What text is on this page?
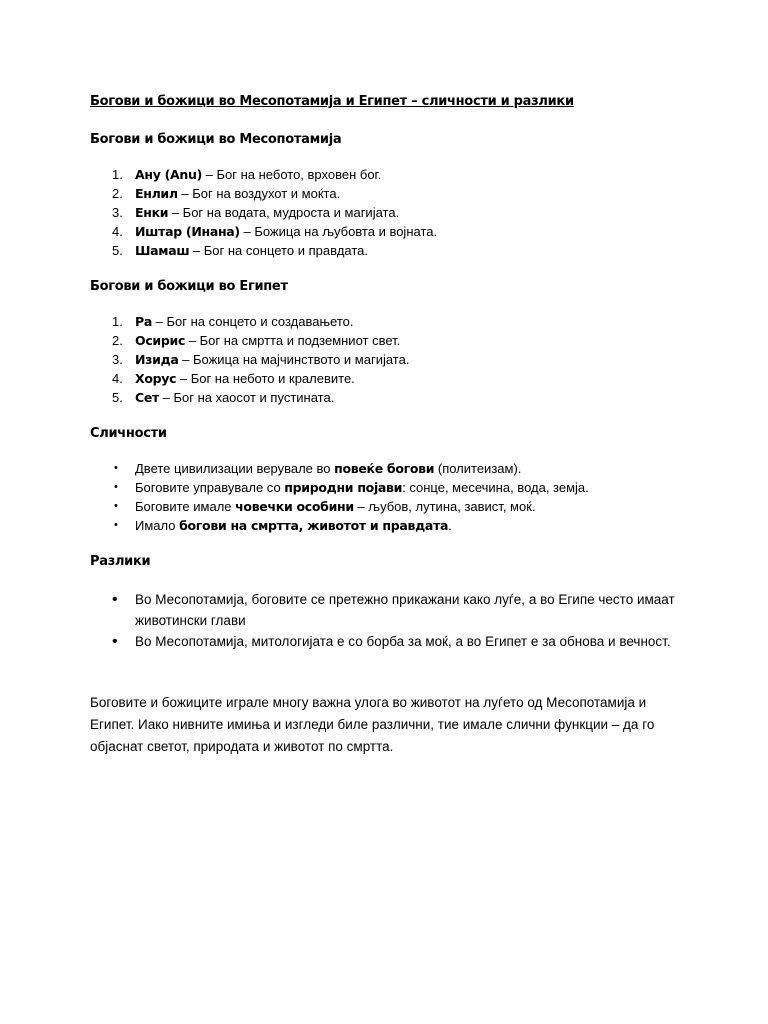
Богови и божици во Месопотамија и Египет – сличности и разлики

Богови и божици во Месопотамија

1. Ану (Anu) – Бог на небото, врховен бог.
2. Енлил – Бог на воздухот и моќта.
3. Енки – Бог на водата, мудроста и магијата.
4. Иштар (Инана) – Божица на љубовта и војната.
5. Шамаш – Бог на сонцето и правдата.

Богови и божици во Египет

1. Ра – Бог на сонцето и создавањето.
2. Осирис – Бог на смртта и подземниот свет.
3. Изида – Божица на мајчинството и магијата.
4. Хорус – Бог на небото и кралевите.
5. Сет – Бог на хаосот и пустината.

Сличности

• Двете цивилизации верувале во повеќе богови (политеизам).
• Боговите управувале со природни појави: сонце, месечина, вода, земја.
• Боговите имале човечки особини – љубов, лутина, завист, моќ.
• Имало богови на смртта, животот и правдата.

Разлики

• Во Месопотамија, боговите се претежно прикажани како луѓе, а во Египе често имаат животински глави
• Во Месопотамија, митологијата е со борба за моќ, а во Египет е за обнова и вечност.

Боговите и божиците играле многу важна улога во животот на луѓето од Месопотамија и Египет. Иако нивните имиња и изгледи биле различни, тие имале слични функции – да го објаснат светот, природата и животот по смртта.
